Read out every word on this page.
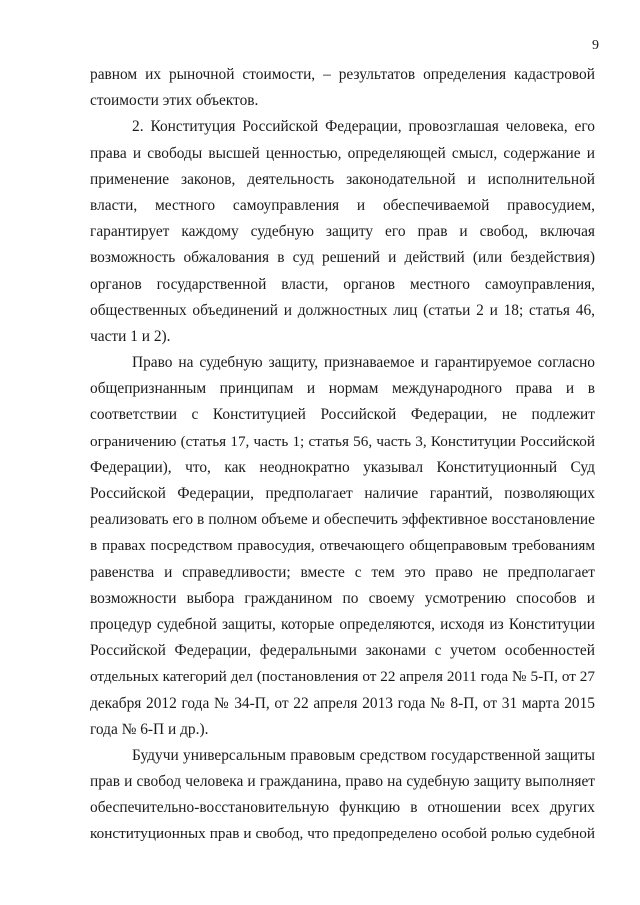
9
равном их рыночной стоимости, – результатов определения кадастровой
стоимости этих объектов.
2. Конституция Российской Федерации, провозглашая человека, его
права и свободы высшей ценностью, определяющей смысл, содержание и
применение законов, деятельность законодательной и исполнительной
власти, местного самоуправления и обеспечиваемой правосудием,
гарантирует каждому судебную защиту его прав и свобод, включая
возможность обжалования в суд решений и действий (или бездействия)
органов государственной власти, органов местного самоуправления,
общественных объединений и должностных лиц (статьи 2 и 18; статья 46,
части 1 и 2).
Право на судебную защиту, признаваемое и гарантируемое согласно
общепризнанным принципам и нормам международного права и в
соответствии с Конституцией Российской Федерации, не подлежит
ограничению (статья 17, часть 1; статья 56, часть 3, Конституции Российской
Федерации), что, как неоднократно указывал Конституционный Суд
Российской Федерации, предполагает наличие гарантий, позволяющих
реализовать его в полном объеме и обеспечить эффективное восстановление
в правах посредством правосудия, отвечающего общеправовым требованиям
равенства и справедливости; вместе с тем это право не предполагает
возможности выбора гражданином по своему усмотрению способов и
процедур судебной защиты, которые определяются, исходя из Конституции
Российской Федерации, федеральными законами с учетом особенностей
отдельных категорий дел (постановления от 22 апреля 2011 года № 5-П, от 27
декабря 2012 года № 34-П, от 22 апреля 2013 года № 8-П, от 31 марта 2015
года № 6-П и др.).
Будучи универсальным правовым средством государственной защиты
прав и свобод человека и гражданина, право на судебную защиту выполняет
обеспечительно-восстановительную функцию в отношении всех других
конституционных прав и свобод, что предопределено особой ролью судебной
